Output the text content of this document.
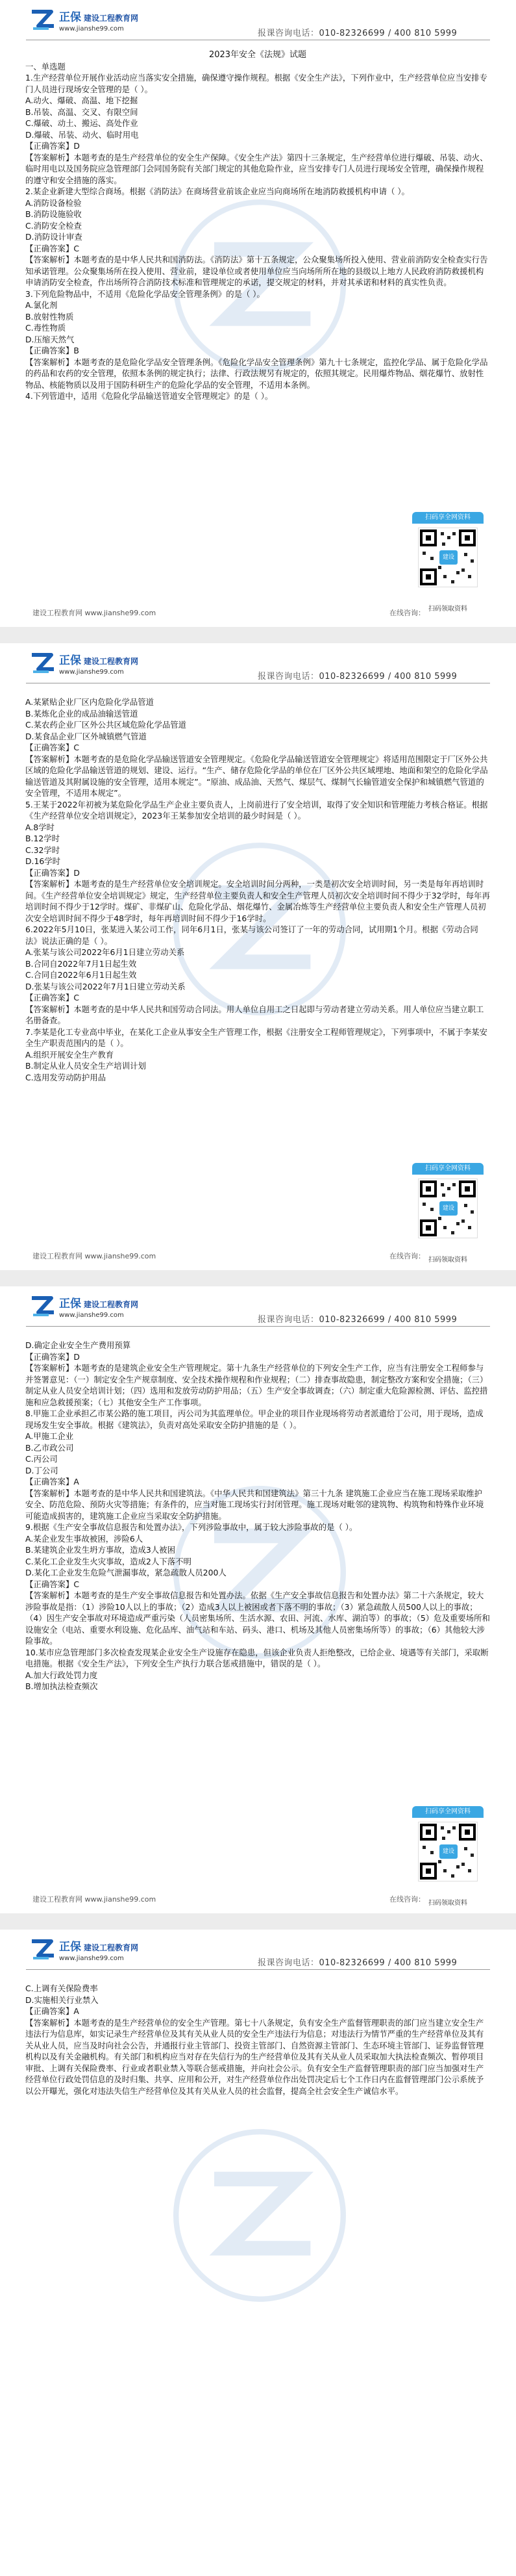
正保 建设工程教育网
www.jianshe99.com	报课咨询电话：010-82326699 / 400 810 5999

2023年安全《法规》试题

一、单选题

1.生产经营单位开展作业活动应当落实安全措施，确保遵守操作规程。根据《安全生产法》，下列作业中，生产经营单位应当安排专门人员进行现场安全管理的是（ ）。

A.动火、爆破、高温、地下挖掘

B.吊装、高温、交叉、有限空间

C.爆破、动土、搬运、高处作业

D.爆破、吊装、动火、临时用电

【正确答案】D

【答案解析】本题考查的是生产经营单位的安全生产保障。《安全生产法》第四十三条规定，生产经营单位进行爆破、吊装、动火、临时用电以及国务院应急管理部门会同国务院有关部门规定的其他危险作业，应当安排专门人员进行现场安全管理，确保操作规程的遵守和安全措施的落实。

2.某企业新建大型综合商场。根据《消防法》在商场营业前该企业应当向商场所在地消防救援机构申请（ ）。

A.消防设备检验

B.消防设施验收

C.消防安全检查

D.消防设计审查

【正确答案】C

【答案解析】本题考查的是中华人民共和国消防法。《消防法》第十五条规定，公众聚集场所投入使用、营业前消防安全检查实行告知承诺管理。公众聚集场所在投入使用、营业前，建设单位或者使用单位应当向场所所在地的县级以上地方人民政府消防救援机构申请消防安全检查，作出场所符合消防技术标准和管理规定的承诺，提交规定的材料，并对其承诺和材料的真实性负责。

3.下列危险物品中，不适用《危险化学品安全管理条例》的是（ ）。

A.氯化剂

B.放射性物质

C.毒性物质

D.压缩天然气

【正确答案】B

【答案解析】本题考查的是危险化学品安全管理条例。《危险化学品安全管理条例》第九十七条规定，监控化学品、属于危险化学品的药品和农药的安全管理，依照本条例的规定执行；法律、行政法规另有规定的，依照其规定。民用爆炸物品、烟花爆竹、放射性物品、核能物质以及用于国防科研生产的危险化学品的安全管理，不适用本条例。

4.下列管道中，适用《危险化学品输送管道安全管理规定》的是（ ）。

扫码享全网资料
建设
扫码领取资料
建设工程教育网 www.jianshe99.com	在线咨询：
正保 建设工程教育网
www.jianshe99.com	报课咨询电话：010-82326699 / 400 810 5999

A.某紧贴企业厂区内危险化学品管道

B.某炼化企业的成品油输送管道

C.某农药企业厂区外公共区域危险化学品管道

D.某食品企业厂区外城镇燃气管道

【正确答案】C

【答案解析】本题考查的是危险化学品输送管道安全管理规定。《危险化学品输送管道安全管理规定》将适用范围限定于厂区外公共区域的危险化学品输送管道的规划、建设、运行。“生产、储存危险化学品的单位在厂区外公共区域埋地、地面和架空的危险化学品输送管道及其附属设施的安全管理，适用本规定”。“原油、成品油、天然气、煤层气、煤制气长输管道安全保护和城镇燃气管道的安全管理，不适用本规定”。

5.王某于2022年初被为某危险化学品生产企业主要负责人，上岗前进行了安全培训，取得了安全知识和管理能力考核合格证。根据《生产经营单位安全培训规定》，2023年王某参加安全培训的最少时间是（ ）。

A.8学时

B.12学时

C.32学时

D.16学时

【正确答案】D

【答案解析】本题考查的是生产经营单位安全培训规定。安全培训时间分两种，一类是初次安全培训时间，另一类是每年再培训时间。《生产经营单位安全培训规定》规定，生产经营单位主要负责人和安全生产管理人员初次安全培训时间不得少于32学时，每年再培训时间不得少于12学时。煤矿、非煤矿山、危险化学品、烟花爆竹、金属冶炼等生产经营单位主要负责人和安全生产管理人员初次安全培训时间不得少于48学时，每年再培训时间不得少于16学时。

6.2022年5月10日，张某进入某公司工作，同年6月1日，张某与该公司签订了一年的劳动合同，试用期1个月。根据《劳动合同法》说法正确的是（ ）。

A.张某与该公司2022年6月1日建立劳动关系

B.合同自2022年7月1日起生效

C.合同自2022年6月1日起生效

D.张某与该公司2022年7月1日建立劳动关系

【正确答案】C

【答案解析】本题考查的是中华人民共和国劳动合同法。用人单位自用工之日起即与劳动者建立劳动关系。用人单位应当建立职工名册备查。

7.李某是化工专业高中毕业，在某化工企业从事安全生产管理工作，根据《注册安全工程师管理规定》，下列事项中，不属于李某安全生产职责范围内的是（ ）。

A.组织开展安全生产教育

B.制定从业人员安全生产培训计划

C.选用发劳动防护用品

扫码享全网资料
建设
扫码领取资料
建设工程教育网 www.jianshe99.com	在线咨询：
正保 建设工程教育网
www.jianshe99.com	报课咨询电话：010-82326699 / 400 810 5999

D.确定企业安全生产费用预算

【正确答案】D

【答案解析】本题考查的是建筑企业安全生产管理规定。第十九条生产经营单位的下列安全生产工作，应当有注册安全工程师参与并签署意见：（一）制定安全生产规章制度、安全技术操作规程和作业规程；（二）排查事故隐患，制定整改方案和安全措施；（三）制定从业人员安全培训计划；（四）选用和发放劳动防护用品；（五）生产安全事故调查；（六）制定重大危险源检测、评估、监控措施和应急救援预案；（七）其他安全生产工作事项。

8.甲施工企业承担乙市某公路的施工项目，丙公司为其监理单位。甲企业的项目作业现场将劳动者派遣给丁公司，用于现场，造成现场发生安全事故。根据《建筑法》，负责对高处采取安全防护措施的是（ ）。

A.甲施工企业

B.乙市政公司

C.丙公司

D.丁公司

【正确答案】A

【答案解析】本题考查的是中华人民共和国建筑法。《中华人民共和国建筑法》第三十九条 建筑施工企业应当在施工现场采取维护安全、防范危险、预防火灾等措施；有条件的，应当对施工现场实行封闭管理。施工现场对毗邻的建筑物、构筑物和特殊作业环境可能造成损害的，建筑施工企业应当采取安全防护措施。

9.根据《生产安全事故信息报告和处置办法》，下列涉险事故中，属于较大涉险事故的是（ ）。

A.某企业发生事故被困，涉险6人

B.某建筑企业发生坍方事故，造成3人被困

C.某化工企业发生火灾事故，造成2人下落不明

D.某化工企业发生危险气泄漏事故，紧急疏散人员200人

【正确答案】C

【答案解析】本题考查的是生产安全事故信息报告和处置办法。依据《生产安全事故信息报告和处置办法》第二十六条规定，较大涉险事故是指：（1）涉险10人以上的事故；（2）造成3人以上被困或者下落不明的事故；（3）紧急疏散人员500人以上的事故；（4）因生产安全事故对环境造成严重污染（人员密集场所、生活水源、农田、河流、水库、湖泊等）的事故；（5）危及重要场所和设施安全（电站、重要水利设施、危化品库、油气站和车站、码头、港口、机场及其他人员密集场所等）的事故；（6）其他较大涉险事故。

10.某市应急管理部门多次检查发现某企业安全生产设施存在隐患，但该企业负责人拒绝整改，已给企业、境遇等有关部门，采取断电措施。根据《安全生产法》，下列安全生产执行力联合惩戒措施中，错误的是（ ）。

A.加大行政处罚力度

B.增加执法检查频次

扫码享全网资料
建设
扫码领取资料
建设工程教育网 www.jianshe99.com	在线咨询：
正保 建设工程教育网
www.jianshe99.com	报课咨询电话：010-82326699 / 400 810 5999

C.上调有关保险费率

D.实施相关行业禁入

【正确答案】A

【答案解析】本题考查的是生产经营单位的安全生产管理。第七十八条规定，负有安全生产监督管理职责的部门应当建立安全生产违法行为信息库，如实记录生产经营单位及其有关从业人员的安全生产违法行为信息；对违法行为情节严重的生产经营单位及其有关从业人员，应当及时向社会公告，并通报行业主管部门、投资主管部门、自然资源主管部门、生态环境主管部门、证券监督管理机构以及有关金融机构。有关部门和机构应当对存在失信行为的生产经营单位及其有关从业人员采取加大执法检查频次、暂停项目审批、上调有关保险费率、行业或者职业禁入等联合惩戒措施，并向社会公示。负有安全生产监督管理职责的部门应当加强对生产经营单位行政处罚信息的及时归集、共享、应用和公开，对生产经营单位作出处罚决定后七个工作日内在监督管理部门公示系统予以公开曝光，强化对违法失信生产经营单位及其有关从业人员的社会监督，提高全社会安全生产诚信水平。
